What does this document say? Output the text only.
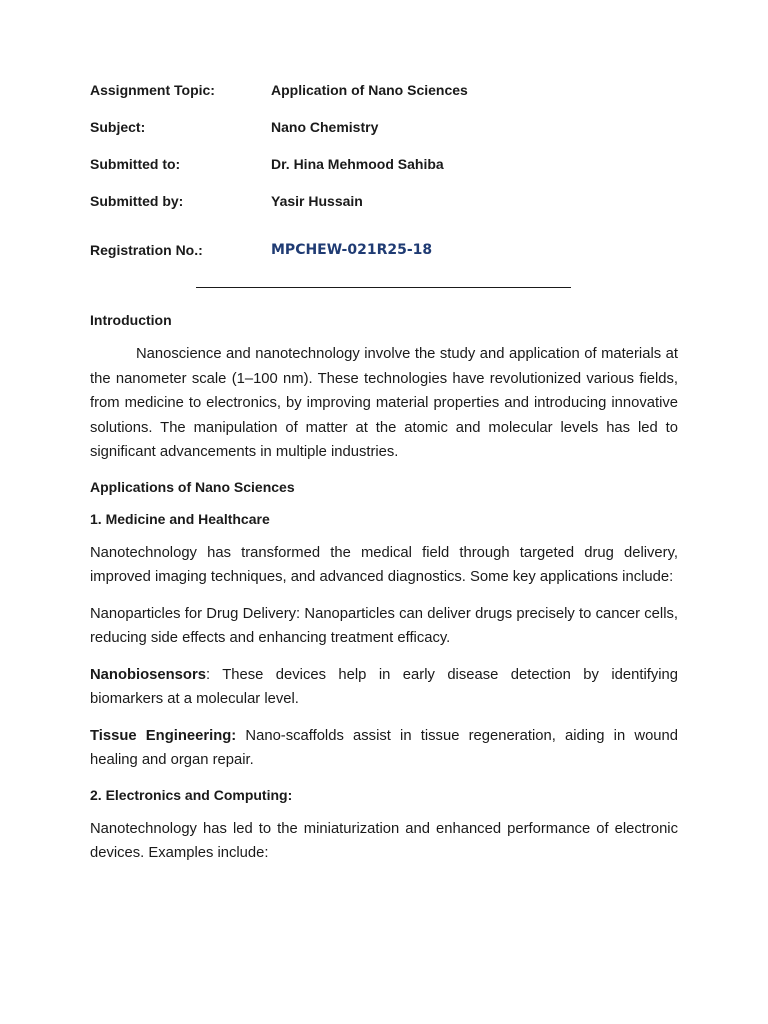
Assignment Topic:	Application of Nano Sciences
Subject:	Nano Chemistry
Submitted to:	Dr. Hina Mehmood Sahiba
Submitted by:	Yasir Hussain
Registration No.:	MPCHEW-021R25-18

Introduction

Nanoscience and nanotechnology involve the study and application of materials at the nanometer scale (1–100 nm). These technologies have revolutionized various fields, from medicine to electronics, by improving material properties and introducing innovative solutions. The manipulation of matter at the atomic and molecular levels has led to significant advancements in multiple industries.

Applications of Nano Sciences

1. Medicine and Healthcare

Nanotechnology has transformed the medical field through targeted drug delivery, improved imaging techniques, and advanced diagnostics. Some key applications include:

Nanoparticles for Drug Delivery: Nanoparticles can deliver drugs precisely to cancer cells, reducing side effects and enhancing treatment efficacy.

Nanobiosensors: These devices help in early disease detection by identifying biomarkers at a molecular level.

Tissue Engineering: Nano-scaffolds assist in tissue regeneration, aiding in wound healing and organ repair.

2. Electronics and Computing:

Nanotechnology has led to the miniaturization and enhanced performance of electronic devices. Examples include:
